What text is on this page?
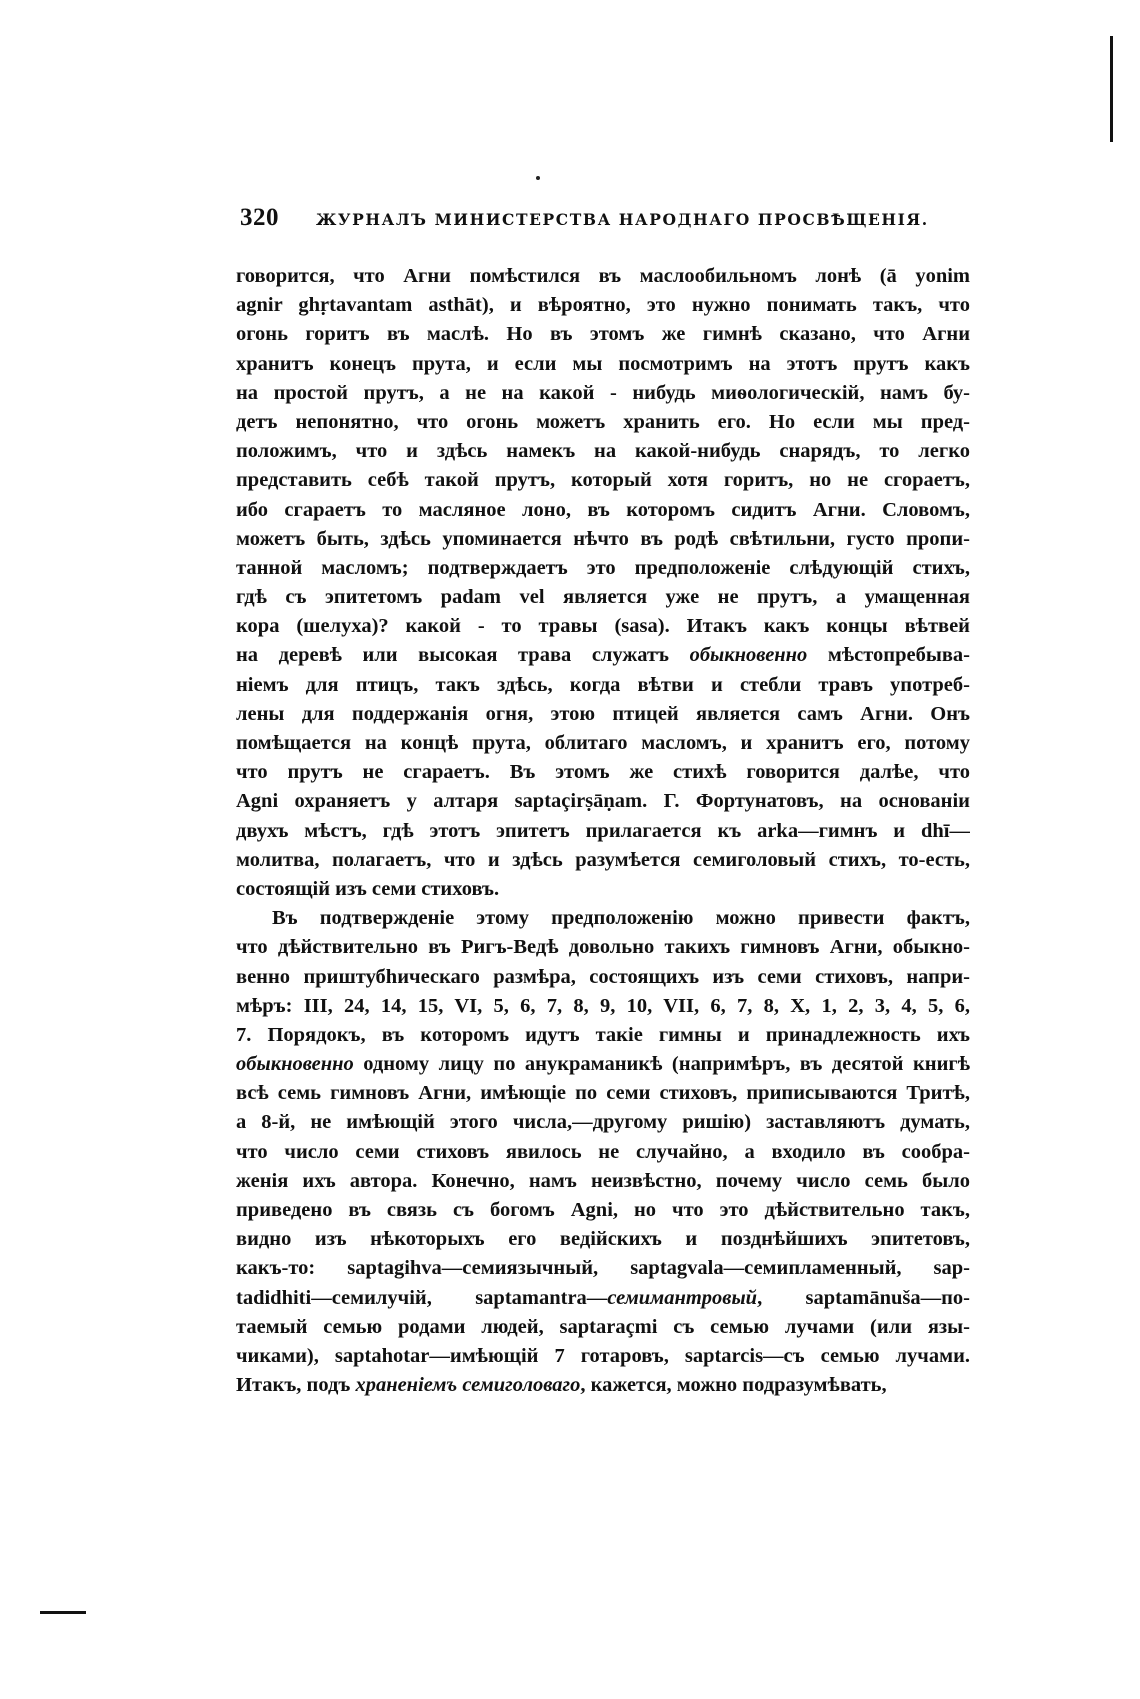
320 ЖУРНАЛЪ МИНИСТЕРСТВА НАРОДНАГО ПРОСВѢЩЕНІЯ.
говорится, что Агни помѣстился въ маслообильномъ лонѣ (ā yonim
agnir ghṛtavantam asthāt), и вѣроятно, это нужно понимать такъ, что
огонь горитъ въ маслѣ. Но въ этомъ же гимнѣ сказано, что Агни
хранитъ конецъ прута, и если мы посмотримъ на этотъ прутъ какъ
на простой прутъ, а не на какой - нибудь миѳологическій, намъ бу-
детъ непонятно, что огонь можетъ хранить его. Но если мы пред-
положимъ, что и здѣсь намекъ на какой-нибудь снарядъ, то легко
представить себѣ такой прутъ, который хотя горитъ, но не сгораетъ,
ибо сгараетъ то масляное лоно, въ которомъ сидитъ Агни. Словомъ,
можетъ быть, здѣсь упоминается нѣчто въ родѣ свѣтильни, густо пропи-
танной масломъ; подтверждаетъ это предположеніе слѣдующій стихъ,
гдѣ съ эпитетомъ padam vel является уже не прутъ, а умащенная
кора (шелуха)? какой - то травы (sasa). Итакъ какъ концы вѣтвей
на деревѣ или высокая трава служатъ обыкновенно мѣстопребыва-
ніемъ для птицъ, такъ здѣсь, когда вѣтви и стебли травъ употреб-
лены для поддержанія огня, этою птицей является самъ Агни. Онъ
помѣщается на концѣ прута, облитаго масломъ, и хранитъ его, потому
что прутъ не сгараетъ. Въ этомъ же стихѣ говорится далѣе, что
Agni охраняетъ у алтаря saptaçirṣāṇam. Г. Фортунатовъ, на основаніи
двухъ мѣстъ, гдѣ этотъ эпитетъ прилагается къ arka—гимнъ и dhī—
молитва, полагаетъ, что и здѣсь разумѣется семиголовый стихъ, то-есть,
состоящій изъ семи стиховъ.
Въ подтвержденіе этому предположенію можно привести фактъ,
что дѣйствительно въ Ригъ-Ведѣ довольно такихъ гимновъ Агни, обыкно-
венно приштубhическаго размѣра, состоящихъ изъ семи стиховъ, напри-
мѣръ: III, 24, 14, 15, VI, 5, 6, 7, 8, 9, 10, VII, 6, 7, 8, X, 1, 2, 3, 4, 5, 6,
7. Порядокъ, въ которомъ идутъ такіе гимны и принадлежность ихъ
обыкновенно одному лицу по анукраманикѣ (напримѣръ, въ десятой книгѣ
всѣ семь гимновъ Агни, имѣющіе по семи стиховъ, приписываются Тритѣ,
а 8-й, не имѣющій этого числа,—другому ришію) заставляютъ думать,
что число семи стиховъ явилось не случайно, а входило въ сообра-
женія ихъ автора. Конечно, намъ неизвѣстно, почему число семь было
приведено въ связь съ богомъ Agni, но что это дѣйствительно такъ,
видно изъ нѣкоторыхъ его ведійскихъ и позднѣйшихъ эпитетовъ,
какъ-то: saptagihva—семиязычный, saptagvala—семипламенный, sap-
tadidhiti—семилучій, saptamantra—семимантровый, saptamānuša—по-
таемый семью родами людей, saptaraçmi съ семью лучами (или язы-
чиками), saptahotar—имѣющій 7 готаровъ, saptarcis—съ семью лучами.
Итакъ, подъ храненіемъ семиголоваго, кажется, можно подразумѣвать,
